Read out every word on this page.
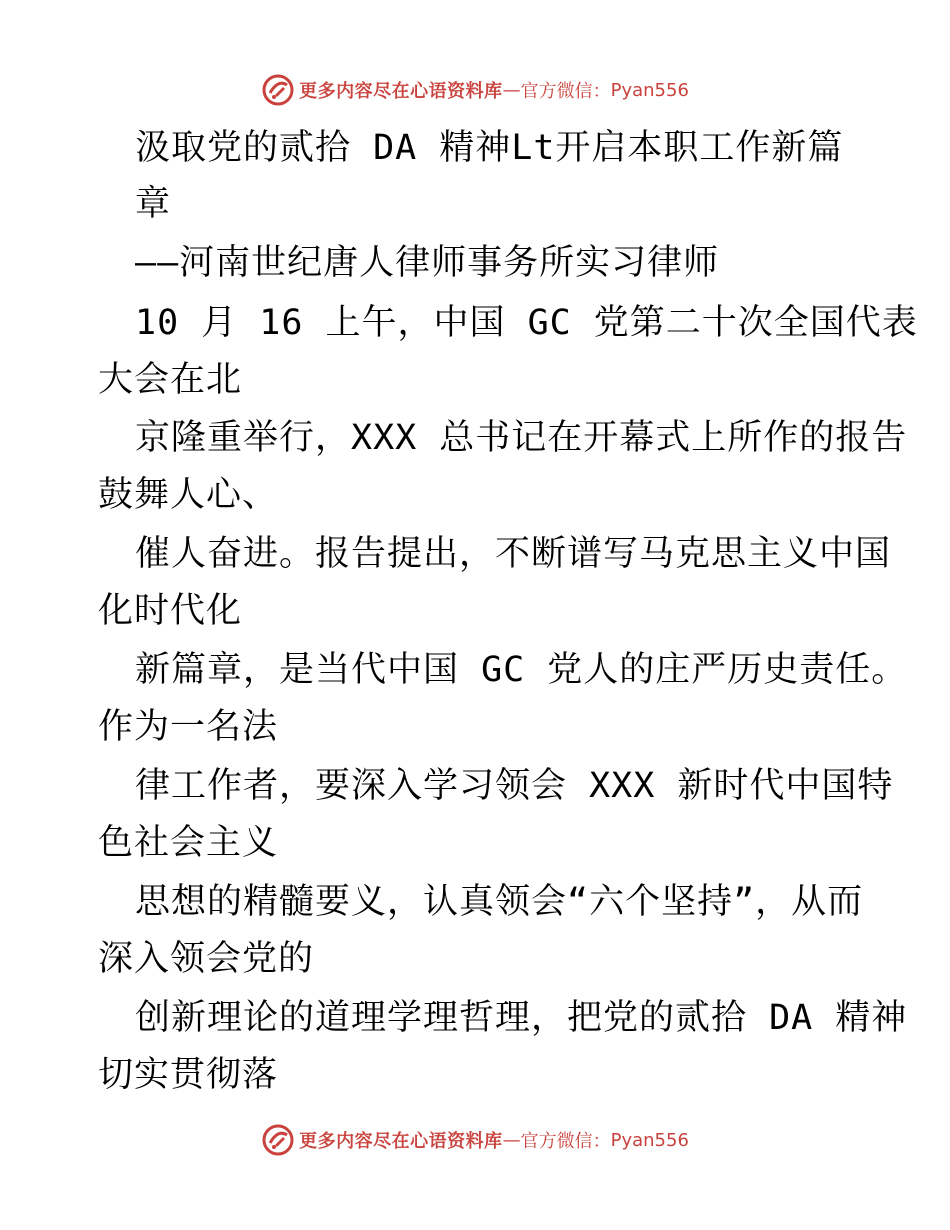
更多内容尽在心语资料库 — 官方微信： Pyan556
汲取党的贰拾 DA 精神Lt开启本职工作新篇
章
——河南世纪唐人律师事务所实习律师
10 月 16 上午，中国 GC 党第二十次全国代表
大会在北
京隆重举行，XXX 总书记在开幕式上所作的报告
鼓舞人心、
催人奋进。报告提出，不断谱写马克思主义中国
化时代化
新篇章，是当代中国 GC 党人的庄严历史责任。
作为一名法
律工作者，要深入学习领会 XXX 新时代中国特
色社会主义
思想的精髓要义，认真领会“六个坚持”，从而
深入领会党的
创新理论的道理学理哲理，把党的贰拾 DA 精神
切实贯彻落
更多内容尽在心语资料库 — 官方微信： Pyan556
